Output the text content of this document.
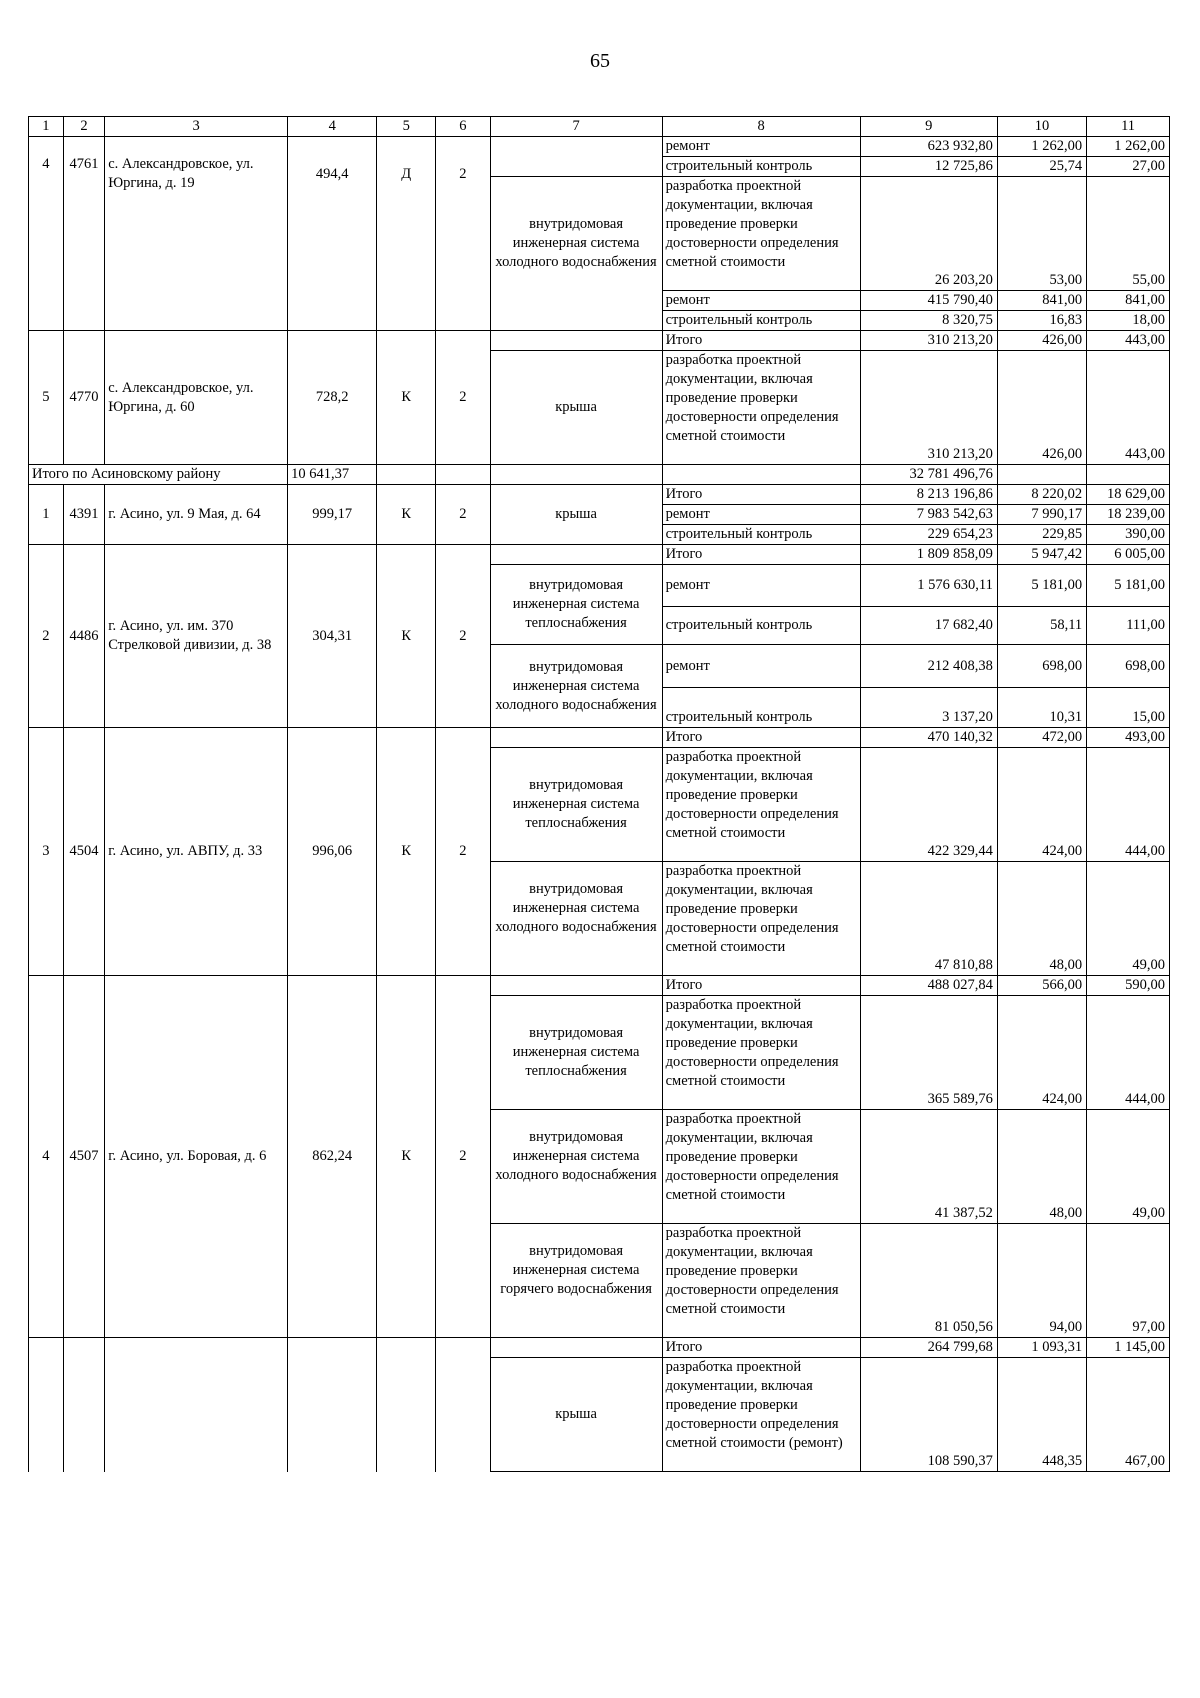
65
1	2	3	4	5	6	7	8	9	10	11
4	4761	с. Александровское, ул. Юргина, д. 19	494,4	Д	2		ремонт	623 932,80	1 262,00	1 262,00
							строительный контроль	12 725,86	25,74	27,00
						внутридомовая инженерная система холодного водоснабжения	разработка проектной документации, включая проведение проверки достоверности определения сметной стоимости	26 203,20	53,00	55,00
							ремонт	415 790,40	841,00	841,00
							строительный контроль	8 320,75	16,83	18,00
5	4770	с. Александровское, ул. Юргина, д. 60	728,2	К	2		Итого	310 213,20	426,00	443,00
						крыша	разработка проектной документации, включая проведение проверки достоверности определения сметной стоимости	310 213,20	426,00	443,00
Итого по Асиновскому району			10 641,37					32 781 496,76		
1	4391	г. Асино, ул. 9 Мая, д. 64	999,17	К	2	крыша	Итого	8 213 196,86	8 220,02	18 629,00
							ремонт	7 983 542,63	7 990,17	18 239,00
							строительный контроль	229 654,23	229,85	390,00
2	4486	г. Асино, ул. им. 370 Стрелковой дивизии, д. 38	304,31	К	2		Итого	1 809 858,09	5 947,42	6 005,00
						внутридомовая инженерная система теплоснабжения	ремонт	1 576 630,11	5 181,00	5 181,00
							строительный контроль	17 682,40	58,11	111,00
						внутридомовая инженерная система холодного водоснабжения	ремонт	212 408,38	698,00	698,00
							строительный контроль	3 137,20	10,31	15,00
3	4504	г. Асино, ул. АВПУ, д. 33	996,06	К	2		Итого	470 140,32	472,00	493,00
						внутридомовая инженерная система теплоснабжения	разработка проектной документации, включая проведение проверки достоверности определения сметной стоимости	422 329,44	424,00	444,00
						внутридомовая инженерная система холодного водоснабжения	разработка проектной документации, включая проведение проверки достоверности определения сметной стоимости	47 810,88	48,00	49,00
4	4507	г. Асино, ул. Боровая, д. 6	862,24	К	2		Итого	488 027,84	566,00	590,00
						внутридомовая инженерная система теплоснабжения	разработка проектной документации, включая проведение проверки достоверности определения сметной стоимости	365 589,76	424,00	444,00
						внутридомовая инженерная система холодного водоснабжения	разработка проектной документации, включая проведение проверки достоверности определения сметной стоимости	41 387,52	48,00	49,00
						внутридомовая инженерная система горячего водоснабжения	разработка проектной документации, включая проведение проверки достоверности определения сметной стоимости	81 050,56	94,00	97,00
							Итого	264 799,68	1 093,31	1 145,00
						крыша	разработка проектной документации, включая проведение проверки достоверности определения сметной стоимости (ремонт)	108 590,37	448,35	467,00
